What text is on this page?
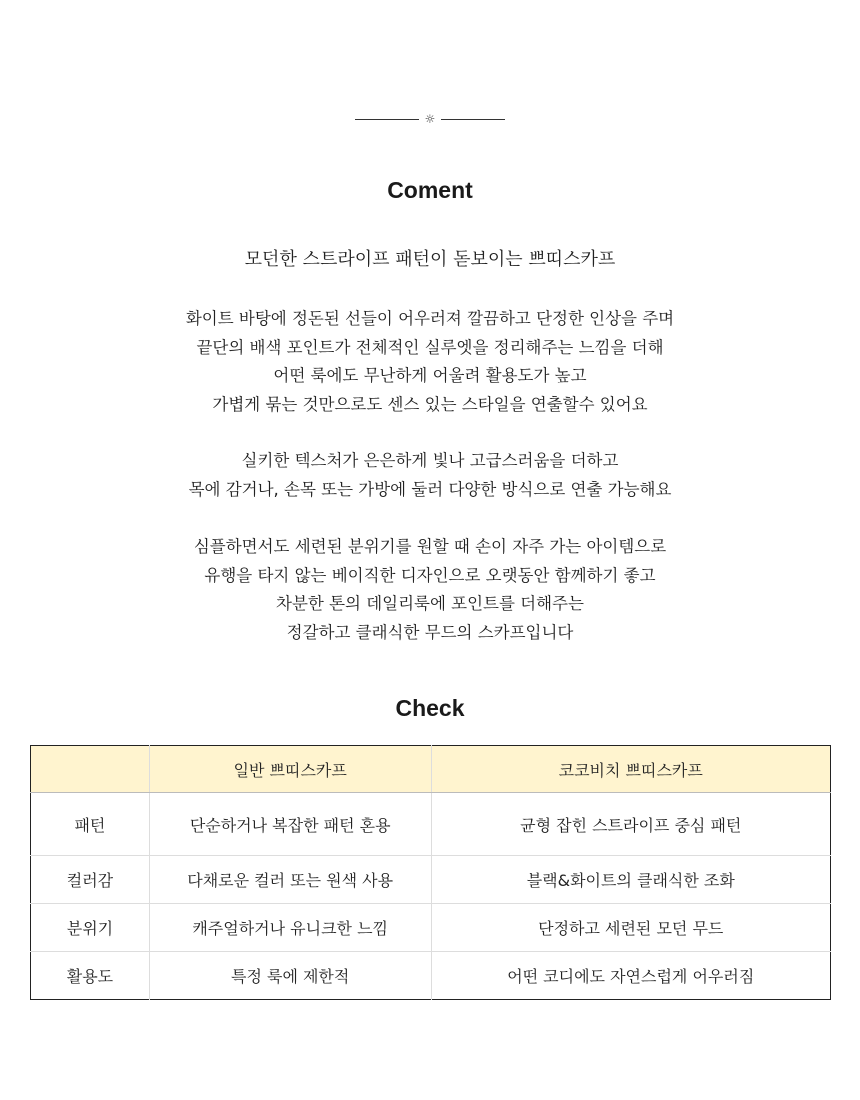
☼
Coment

모던한 스트라이프 패턴이 돋보이는 쁘띠스카프

화이트 바탕에 정돈된 선들이 어우러져 깔끔하고 단정한 인상을 주며
끝단의 배색 포인트가 전체적인 실루엣을 정리해주는 느낌을 더해
어떤 룩에도 무난하게 어울려 활용도가 높고
가볍게 묶는 것만으로도 센스 있는 스타일을 연출할수 있어요

실키한 텍스처가 은은하게 빛나 고급스러움을 더하고
목에 감거나, 손목 또는 가방에 둘러 다양한 방식으로 연출 가능해요

심플하면서도 세련된 분위기를 원할 때 손이 자주 가는 아이템으로
유행을 타지 않는 베이직한 디자인으로 오랫동안 함께하기 좋고
차분한 톤의 데일리룩에 포인트를 더해주는
정갈하고 클래식한 무드의 스카프입니다

Check
	일반 쁘띠스카프	코코비치 쁘띠스카프
패턴	단순하거나 복잡한 패턴 혼용	균형 잡힌 스트라이프 중심 패턴
컬러감	다채로운 컬러 또는 원색 사용	블랙&화이트의 클래식한 조화
분위기	캐주얼하거나 유니크한 느낌	단정하고 세련된 모던 무드
활용도	특정 룩에 제한적	어떤 코디에도 자연스럽게 어우러짐
